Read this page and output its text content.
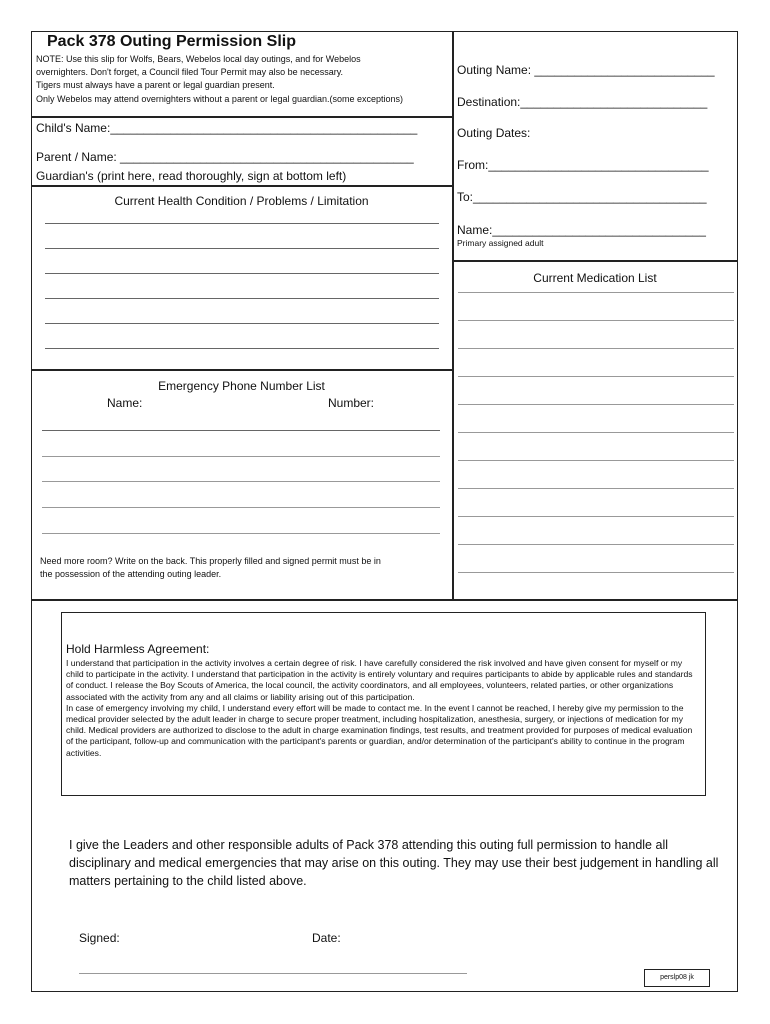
Pack 378 Outing Permission Slip
NOTE: Use this slip for Wolfs, Bears, Webelos local day outings, and for Webelos
overnighters. Don't forget, a Council filed Tour Permit may also be necessary.
Tigers must always have a parent or legal guardian present.
Only Webelos may attend overnighters without a parent or legal guardian.(some exceptions)
Child's Name:______________________________________________
Parent / Name: ____________________________________________
Guardian's (print here, read thoroughly, sign at bottom left)
Outing Name: ___________________________
Destination:____________________________
Outing Dates:
From:_________________________________
To:___________________________________
Name:________________________________
Primary assigned adult
Current Health Condition / Problems / Limitation
Current Medication List
Emergency Phone Number List
Name:	Number:
Need more room? Write on the back. This properly filled and signed permit must be in
the possession of the attending outing leader.
Hold Harmless Agreement:

I understand that participation in the activity involves a certain degree of risk. I have carefully considered the risk involved and have given consent for myself or my child to participate in the activity. I understand that participation in the activity is entirely voluntary and requires participants to abide by applicable rules and standards of conduct. I release the Boy Scouts of America, the local council, the activity coordinators, and all employees, volunteers, related parties, or other organizations associated with the activity from any and all claims or liability arising out of this participation.

In case of emergency involving my child, I understand every effort will be made to contact me. In the event I cannot be reached, I hereby give my permission to the medical provider selected by the adult leader in charge to secure proper treatment, including hospitalization, anesthesia, surgery, or injections of medication for my child. Medical providers are authorized to disclose to the adult in charge examination findings, test results, and treatment provided for purposes of medical evaluation of the participant, follow-up and communication with the participant's parents or guardian, and/or determination of the participant's ability to continue in the program activities.

I give the Leaders and other responsible adults of Pack 378 attending this outing full permission to handle all disciplinary and medical emergencies that may arise on this outing. They may use their best judgement in handling all matters pertaining to the child listed above.
Signed:	Date:
perslp08 jk
